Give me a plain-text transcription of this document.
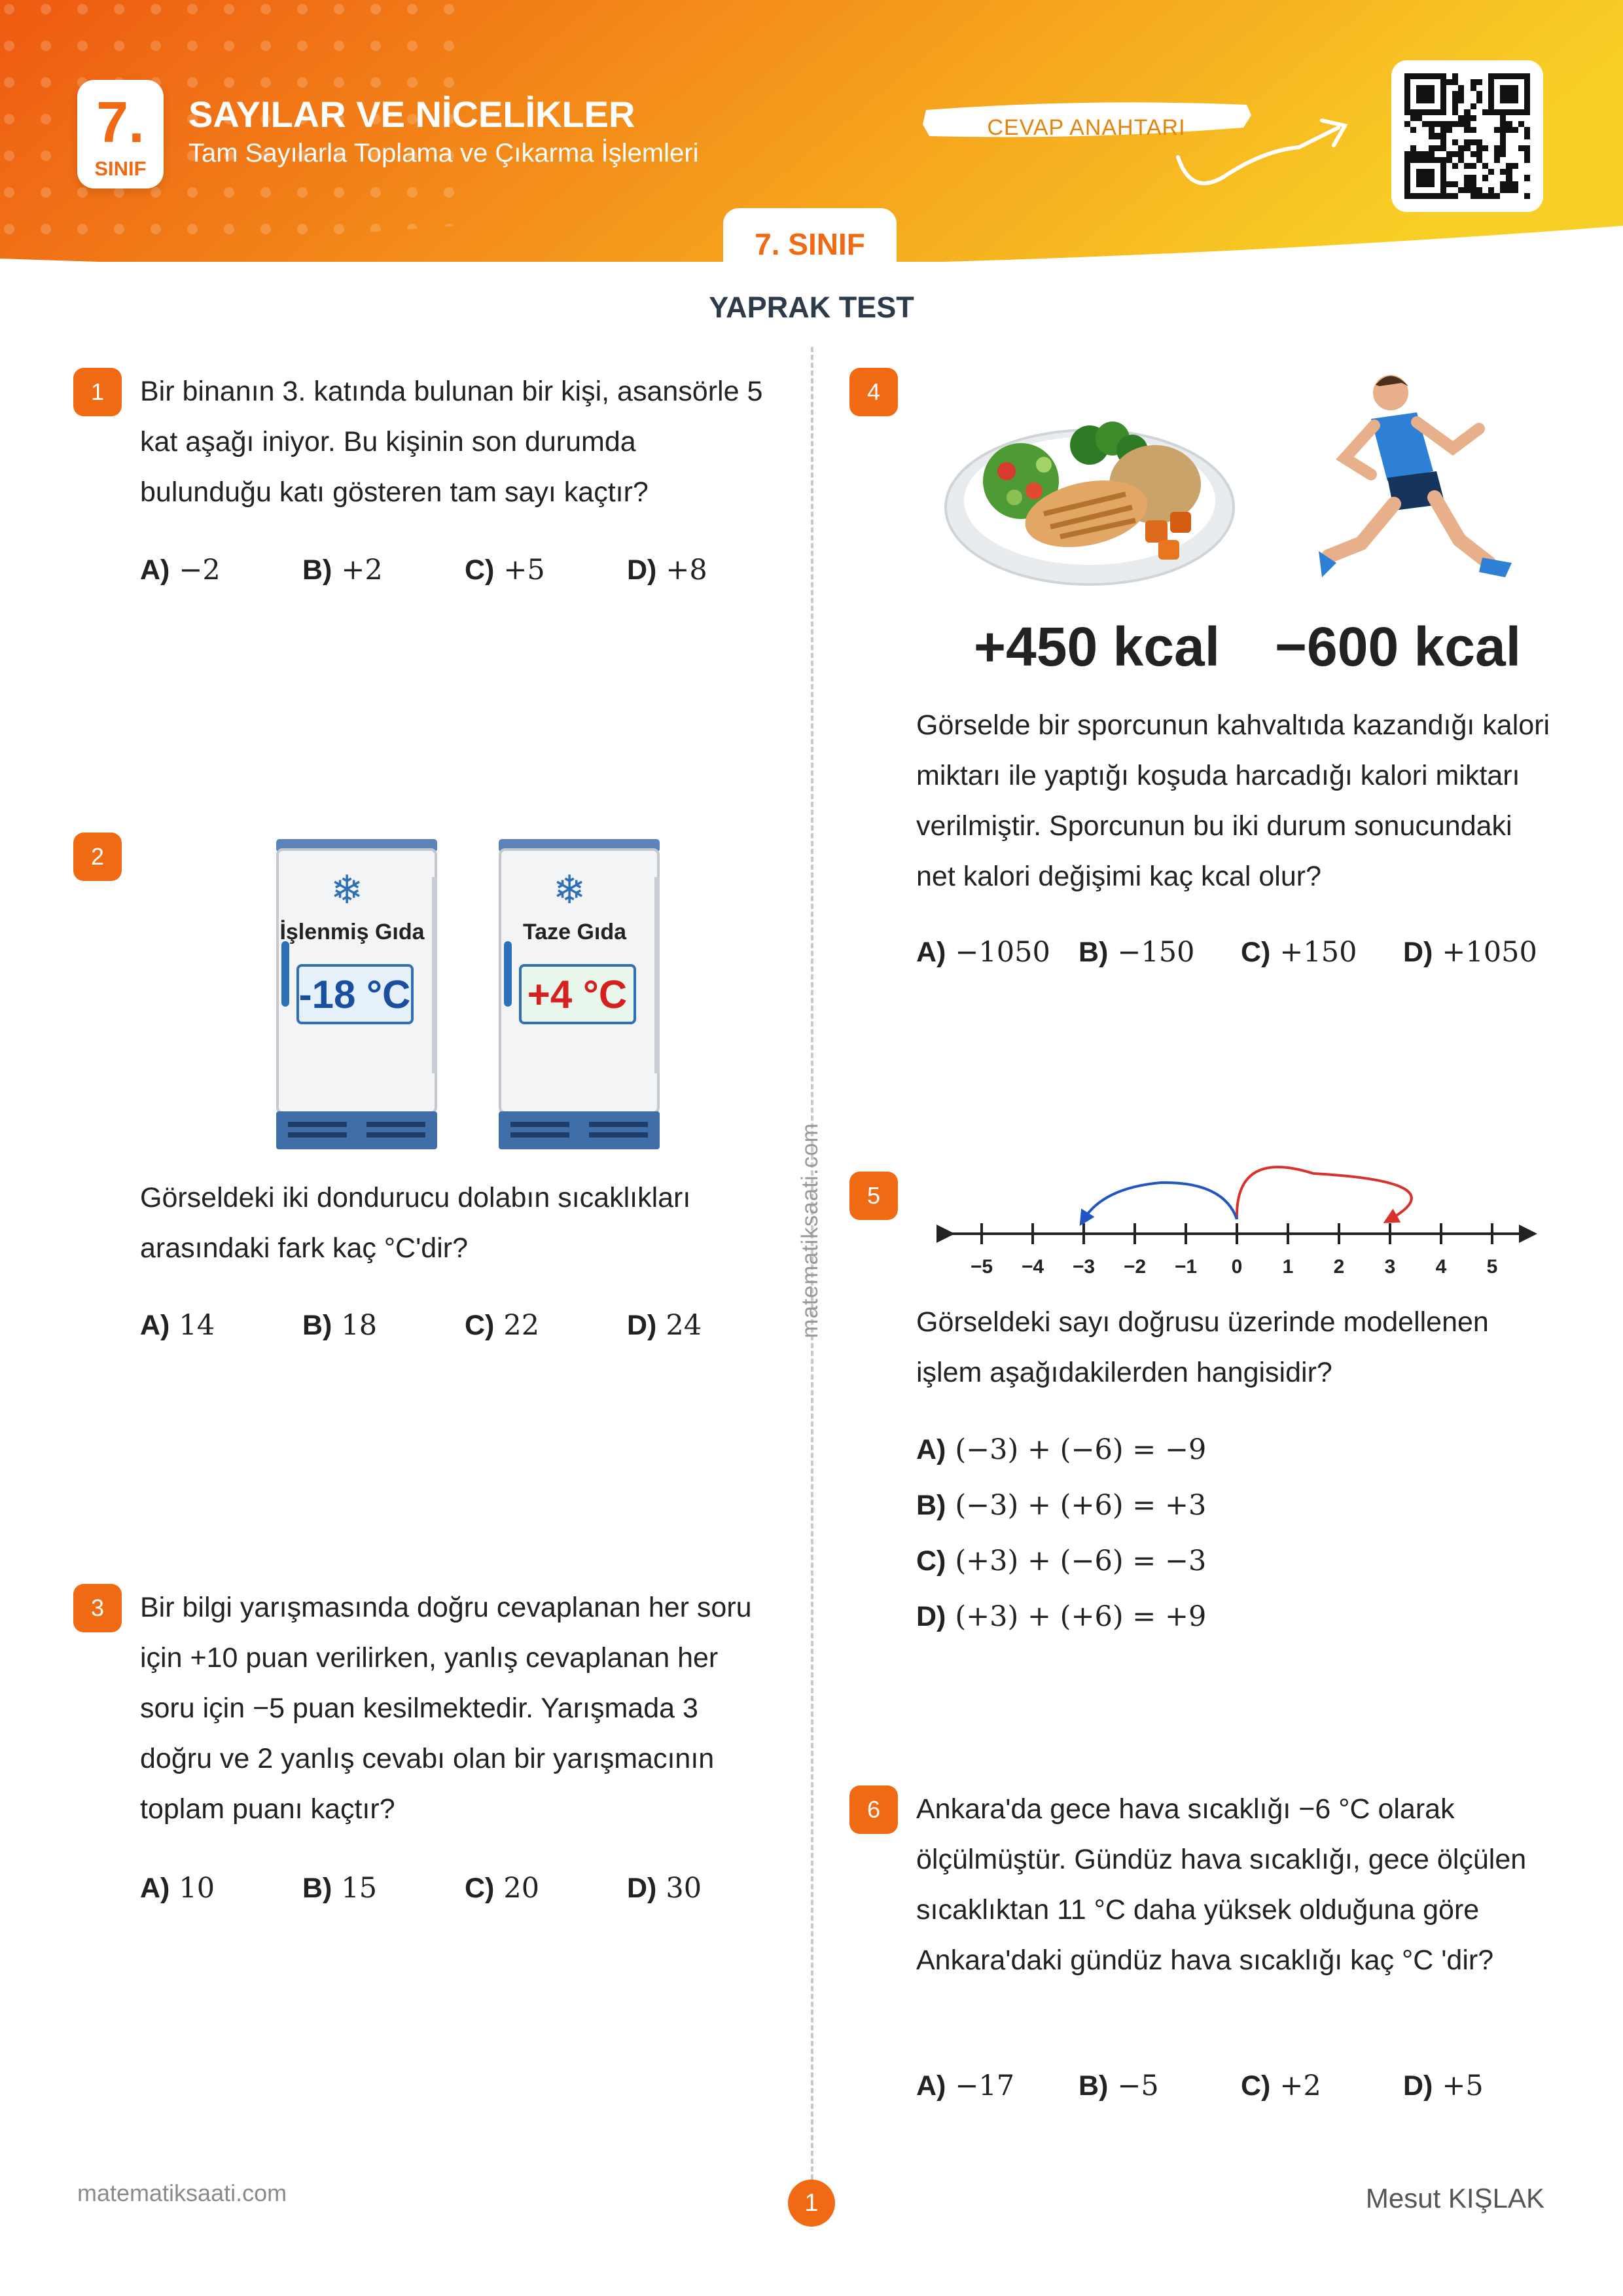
7.
SINIF
SAYILAR VE NİCELİKLER
Tam Sayılarla Toplama ve Çıkarma İşlemleri
CEVAP ANAHTARI
7. SINIF
YAPRAK TEST
matematiksaati.com
1	Bir binanın 3. katında bulunan bir kişi, asansörle 5 kat aşağı iniyor. Bu kişinin son durumda bulunduğu katı gösteren tam sayı kaçtır?
A) −2	B) +2	C) +5	D) +8
2
❄
İşlenmiş Gıda
-18 °C
❄
Taze Gıda
+4 °C
Görseldeki iki dondurucu dolabın sıcaklıkları arasındaki fark kaç °C'dir?
A) 14	B) 18	C) 22	D) 24
3	Bir bilgi yarışmasında doğru cevaplanan her soru için +10 puan verilirken, yanlış cevaplanan her soru için −5 puan kesilmektedir. Yarışmada 3 doğru ve 2 yanlış cevabı olan bir yarışmacının toplam puanı kaçtır?
A) 10	B) 15	C) 20	D) 30
4
+450 kcal −600 kcal
Görselde bir sporcunun kahvaltıda kazandığı kalori miktarı ile yaptığı koşuda harcadığı kalori miktarı verilmiştir. Sporcunun bu iki durum sonucundaki net kalori değişimi kaç kcal olur?
A) −1050 B) −150 C) +150 D) +1050
5
−5 −4 −3 −2 −1 0 1 2 3 4 5
Görseldeki sayı doğrusu üzerinde modellenen işlem aşağıdakilerden hangisidir?
A) (−3) + (−6) = −9
B) (−3) + (+6) = +3
C) (+3) + (−6) = −3
D) (+3) + (+6) = +9
6	Ankara'da gece hava sıcaklığı −6 °C olarak ölçülmüştür. Gündüz hava sıcaklığı, gece ölçülen sıcaklıktan 11 °C daha yüksek olduğuna göre Ankara'daki gündüz hava sıcaklığı kaç °C 'dir?
A) −17 B) −5	C) +2	D) +5
matematiksaati.com	1	Mesut KIŞLAK
